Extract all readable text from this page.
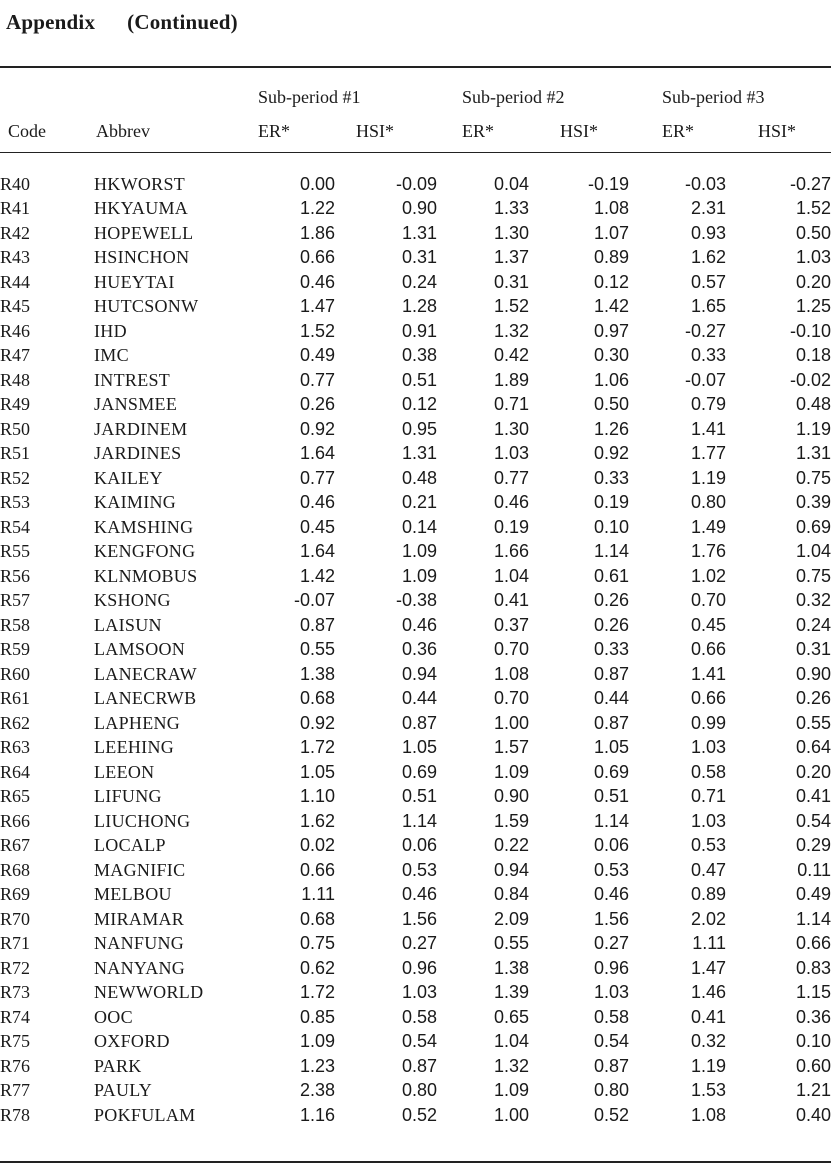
Appendix (Continued)
Sub-period #1	Sub-period #2	Sub-period #3
Code	Abbrev	ER*	HSI*	ER*	HSI*	ER*	HSI*
R40	HKWORST	0.00	-0.09	0.04	-0.19	-0.03	-0.27
R41	HKYAUMA	1.22	0.90	1.33	1.08	2.31	1.52
R42	HOPEWELL	1.86	1.31	1.30	1.07	0.93	0.50
R43	HSINCHON	0.66	0.31	1.37	0.89	1.62	1.03
R44	HUEYTAI	0.46	0.24	0.31	0.12	0.57	0.20
R45	HUTCSONW	1.47	1.28	1.52	1.42	1.65	1.25
R46	IHD	1.52	0.91	1.32	0.97	-0.27	-0.10
R47	IMC	0.49	0.38	0.42	0.30	0.33	0.18
R48	INTREST	0.77	0.51	1.89	1.06	-0.07	-0.02
R49	JANSMEE	0.26	0.12	0.71	0.50	0.79	0.48
R50	JARDINEM	0.92	0.95	1.30	1.26	1.41	1.19
R51	JARDINES	1.64	1.31	1.03	0.92	1.77	1.31
R52	KAILEY	0.77	0.48	0.77	0.33	1.19	0.75
R53	KAIMING	0.46	0.21	0.46	0.19	0.80	0.39
R54	KAMSHING	0.45	0.14	0.19	0.10	1.49	0.69
R55	KENGFONG	1.64	1.09	1.66	1.14	1.76	1.04
R56	KLNMOBUS	1.42	1.09	1.04	0.61	1.02	0.75
R57	KSHONG	-0.07	-0.38	0.41	0.26	0.70	0.32
R58	LAISUN	0.87	0.46	0.37	0.26	0.45	0.24
R59	LAMSOON	0.55	0.36	0.70	0.33	0.66	0.31
R60	LANECRAW	1.38	0.94	1.08	0.87	1.41	0.90
R61	LANECRWB	0.68	0.44	0.70	0.44	0.66	0.26
R62	LAPHENG	0.92	0.87	1.00	0.87	0.99	0.55
R63	LEEHING	1.72	1.05	1.57	1.05	1.03	0.64
R64	LEEON	1.05	0.69	1.09	0.69	0.58	0.20
R65	LIFUNG	1.10	0.51	0.90	0.51	0.71	0.41
R66	LIUCHONG	1.62	1.14	1.59	1.14	1.03	0.54
R67	LOCALP	0.02	0.06	0.22	0.06	0.53	0.29
R68	MAGNIFIC	0.66	0.53	0.94	0.53	0.47	0.11
R69	MELBOU	1.11	0.46	0.84	0.46	0.89	0.49
R70	MIRAMAR	0.68	1.56	2.09	1.56	2.02	1.14
R71	NANFUNG	0.75	0.27	0.55	0.27	1.11	0.66
R72	NANYANG	0.62	0.96	1.38	0.96	1.47	0.83
R73	NEWWORLD	1.72	1.03	1.39	1.03	1.46	1.15
R74	OOC	0.85	0.58	0.65	0.58	0.41	0.36
R75	OXFORD	1.09	0.54	1.04	0.54	0.32	0.10
R76	PARK	1.23	0.87	1.32	0.87	1.19	0.60
R77	PAULY	2.38	0.80	1.09	0.80	1.53	1.21
R78	POKFULAM	1.16	0.52	1.00	0.52	1.08	0.40
